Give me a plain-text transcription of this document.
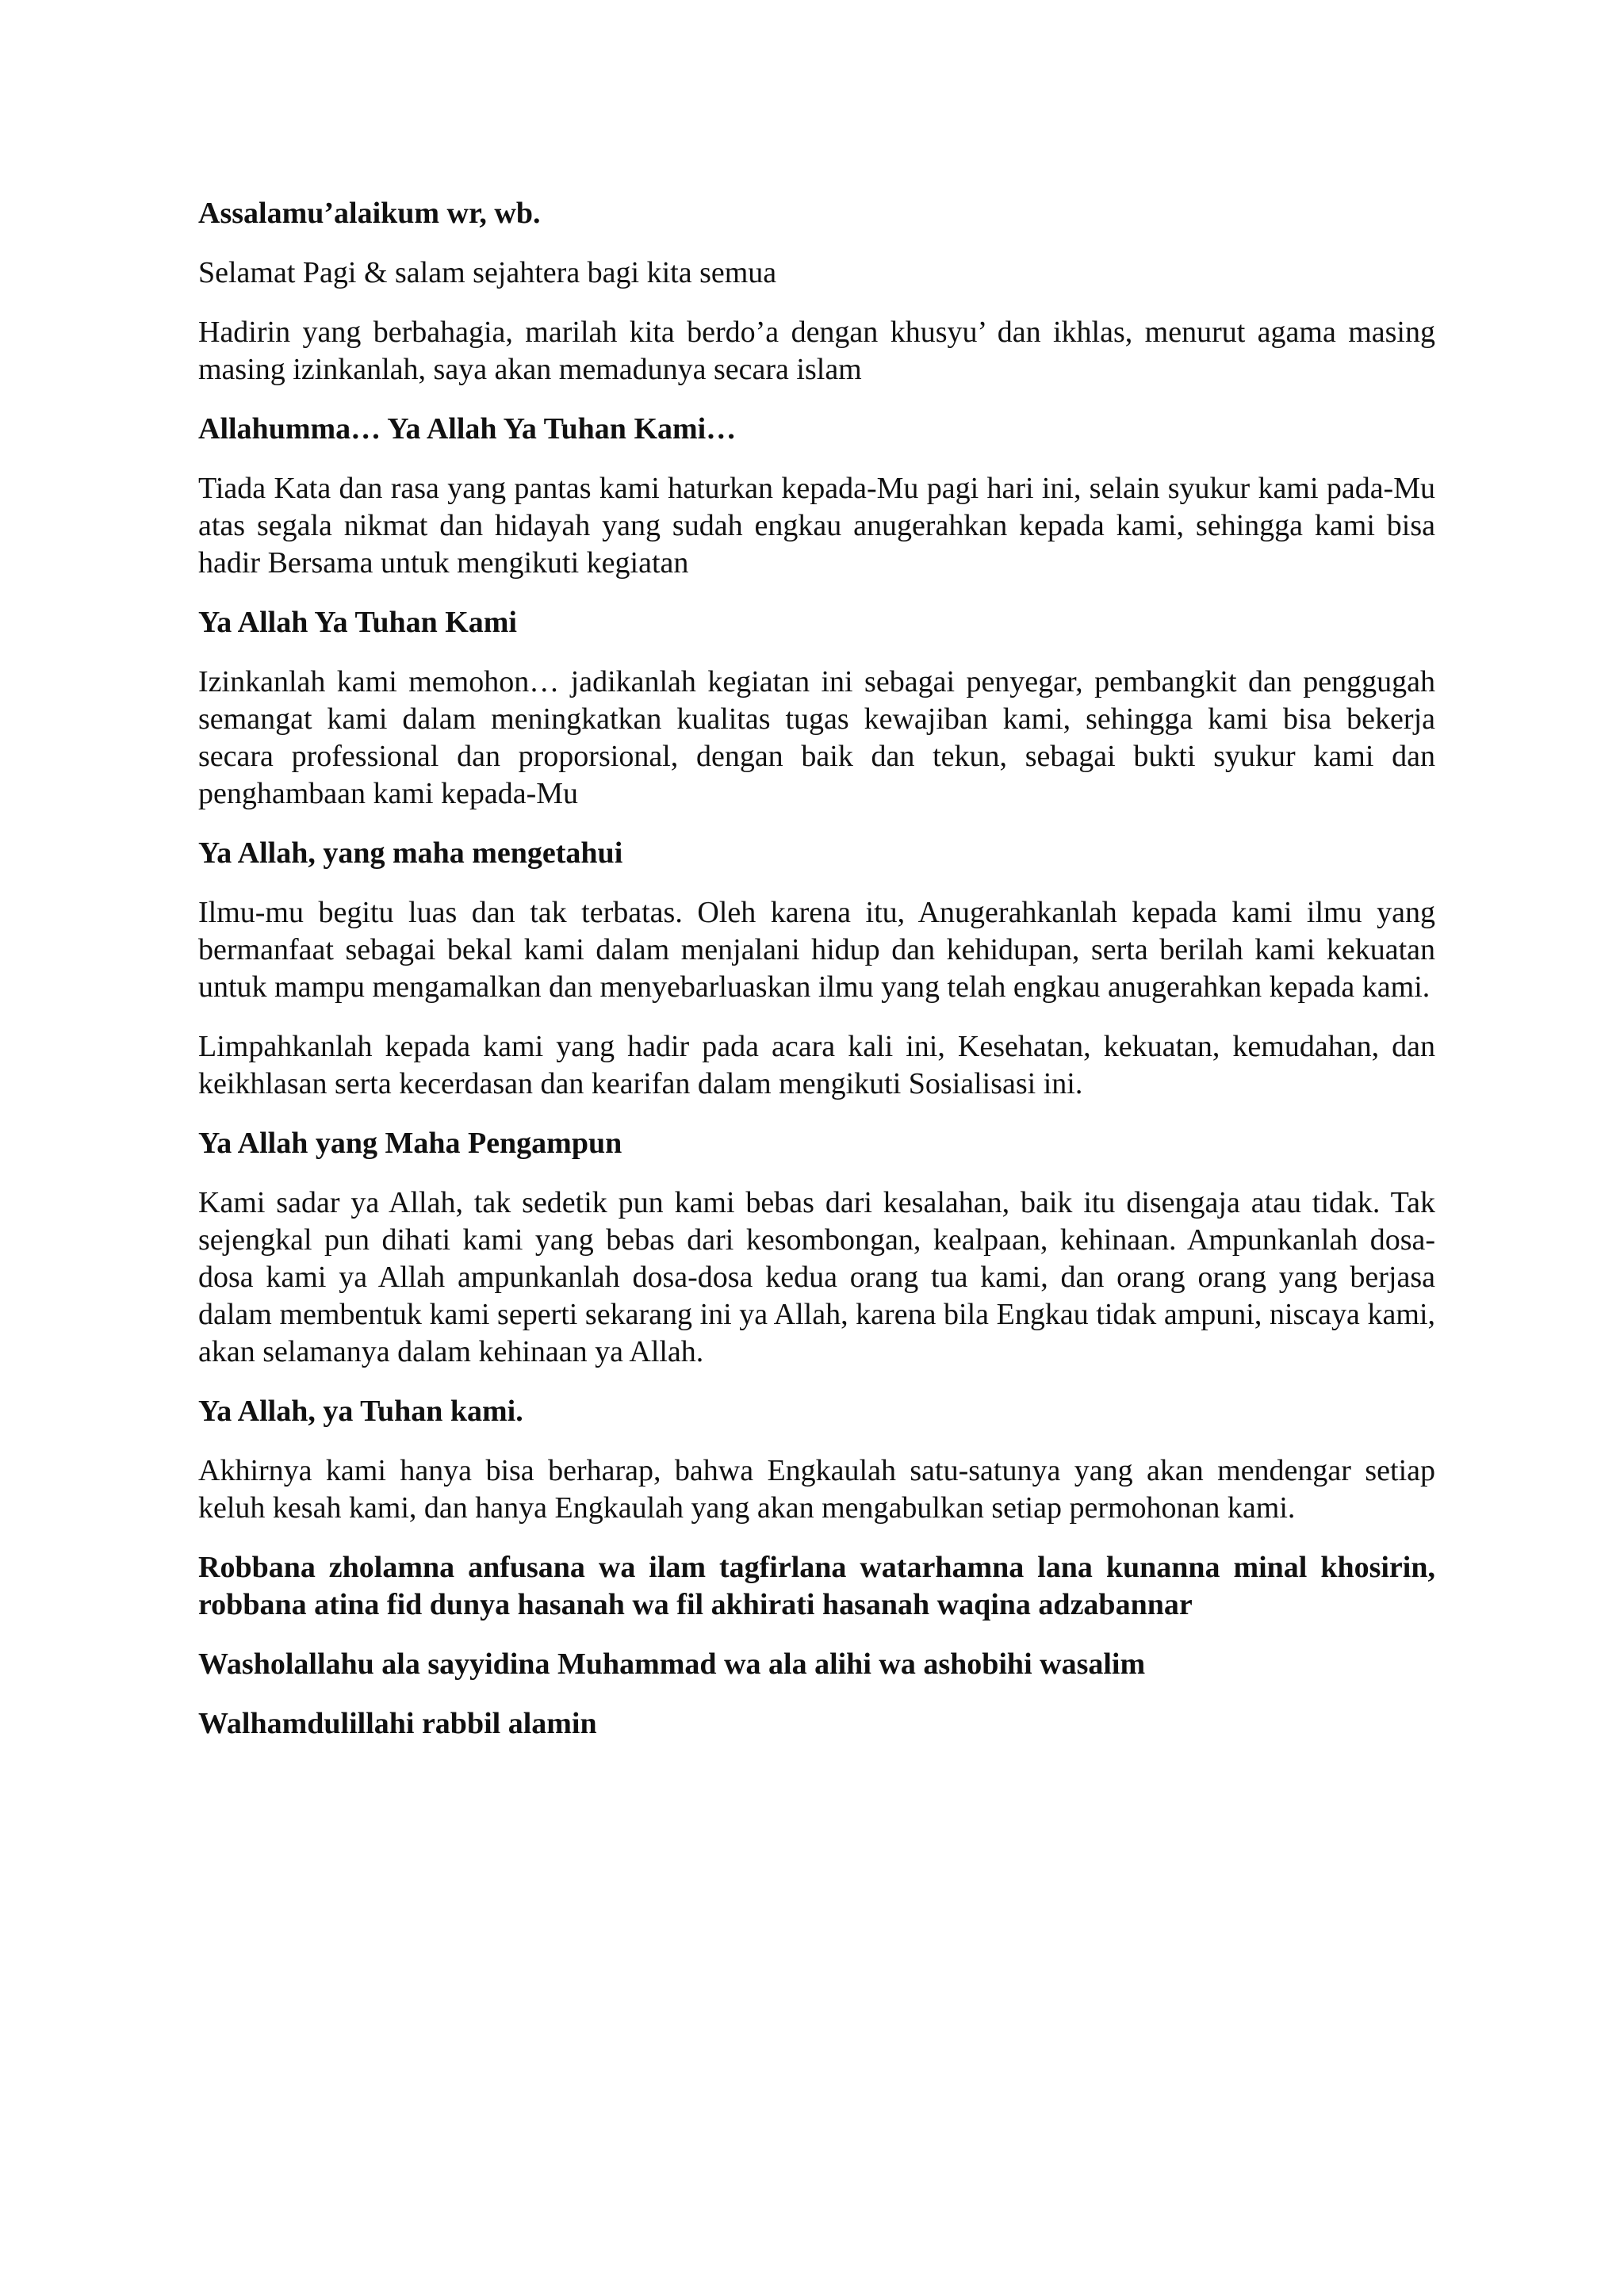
Assalamu’alaikum wr, wb.

Selamat Pagi & salam sejahtera bagi kita semua

Hadirin yang berbahagia, marilah kita berdo’a dengan khusyu’ dan ikhlas, menurut agama masing masing izinkanlah, saya akan memadunya secara islam

Allahumma… Ya Allah Ya Tuhan Kami…

Tiada Kata dan rasa yang pantas kami haturkan kepada-Mu pagi hari ini, selain syukur kami pada-Mu atas segala nikmat dan hidayah yang sudah engkau anugerahkan kepada kami, sehingga kami bisa hadir Bersama untuk mengikuti kegiatan

Ya Allah Ya Tuhan Kami

Izinkanlah kami memohon… jadikanlah kegiatan ini sebagai penyegar, pembangkit dan penggugah semangat kami dalam meningkatkan kualitas tugas kewajiban kami, sehingga kami bisa bekerja secara professional dan proporsional, dengan baik dan tekun, sebagai bukti syukur kami dan penghambaan kami kepada-Mu

Ya Allah, yang maha mengetahui

Ilmu-mu begitu luas dan tak terbatas. Oleh karena itu, Anugerahkanlah kepada kami ilmu yang bermanfaat sebagai bekal kami dalam menjalani hidup dan kehidupan, serta berilah kami kekuatan untuk mampu mengamalkan dan menyebarluaskan ilmu yang telah engkau anugerahkan kepada kami.

Limpahkanlah kepada kami yang hadir pada acara kali ini, Kesehatan, kekuatan, kemudahan, dan keikhlasan serta kecerdasan dan kearifan dalam mengikuti Sosialisasi ini.

Ya Allah yang Maha Pengampun

Kami sadar ya Allah, tak sedetik pun kami bebas dari kesalahan, baik itu disengaja atau tidak. Tak sejengkal pun dihati kami yang bebas dari kesombongan, kealpaan, kehinaan. Ampunkanlah dosa-dosa kami ya Allah ampunkanlah dosa-dosa kedua orang tua kami, dan orang orang yang berjasa dalam membentuk kami seperti sekarang ini ya Allah, karena bila Engkau tidak ampuni, niscaya kami, akan selamanya dalam kehinaan ya Allah.

Ya Allah, ya Tuhan kami.

Akhirnya kami hanya bisa berharap, bahwa Engkaulah satu-satunya yang akan mendengar setiap keluh kesah kami, dan hanya Engkaulah yang akan mengabulkan setiap permohonan kami.

Robbana zholamna anfusana wa ilam tagfirlana watarhamna lana kunanna minal khosirin, robbana atina fid dunya hasanah wa fil akhirati hasanah waqina adzabannar

Washolallahu ala sayyidina Muhammad wa ala alihi wa ashobihi wasalim

Walhamdulillahi rabbil alamin
